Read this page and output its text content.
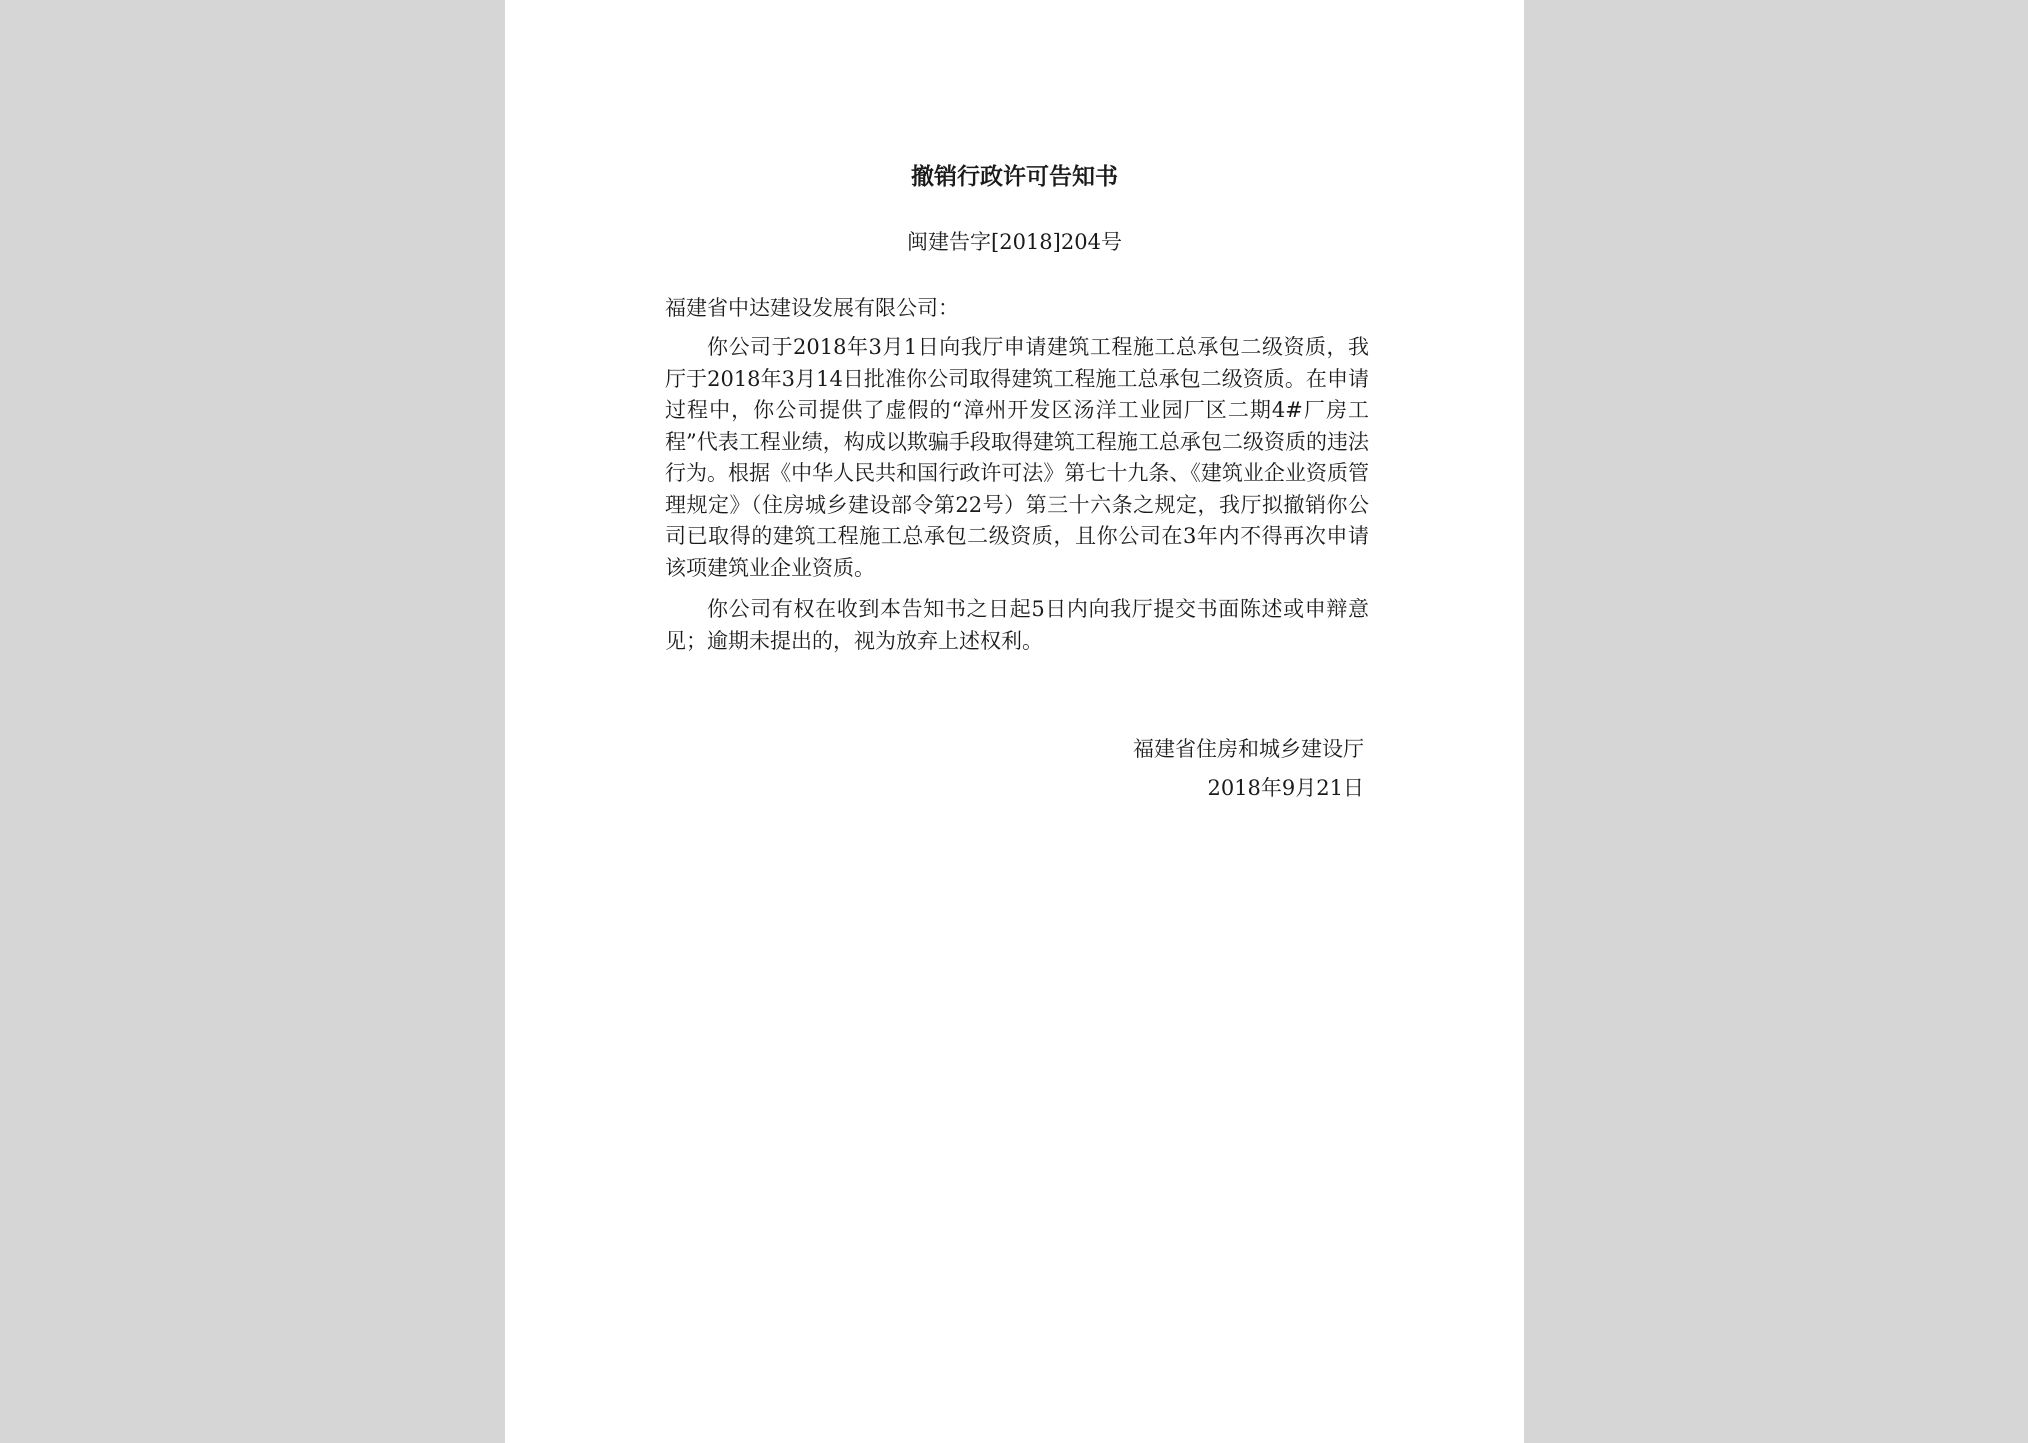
撤销行政许可告知书
闽建告字[2018]204号
福建省中达建设发展有限公司：

你公司于2018年3月1日向我厅申请建筑工程施工总承包二级资质，我厅于2018年3月14日批准你公司取得建筑工程施工总承包二级资质。在申请过程中，你公司提供了虚假的“漳州开发区汤洋工业园厂区二期4#厂房工程”代表工程业绩，构成以欺骗手段取得建筑工程施工总承包二级资质的违法行为。根据《中华人民共和国行政许可法》第七十九条、《建筑业企业资质管理规定》（住房城乡建设部令第22号）第三十六条之规定，我厅拟撤销你公司已取得的建筑工程施工总承包二级资质，且你公司在3年内不得再次申请该项建筑业企业资质。

你公司有权在收到本告知书之日起5日内向我厅提交书面陈述或申辩意见；逾期未提出的，视为放弃上述权利。

福建省住房和城乡建设厅
2018年9月21日
